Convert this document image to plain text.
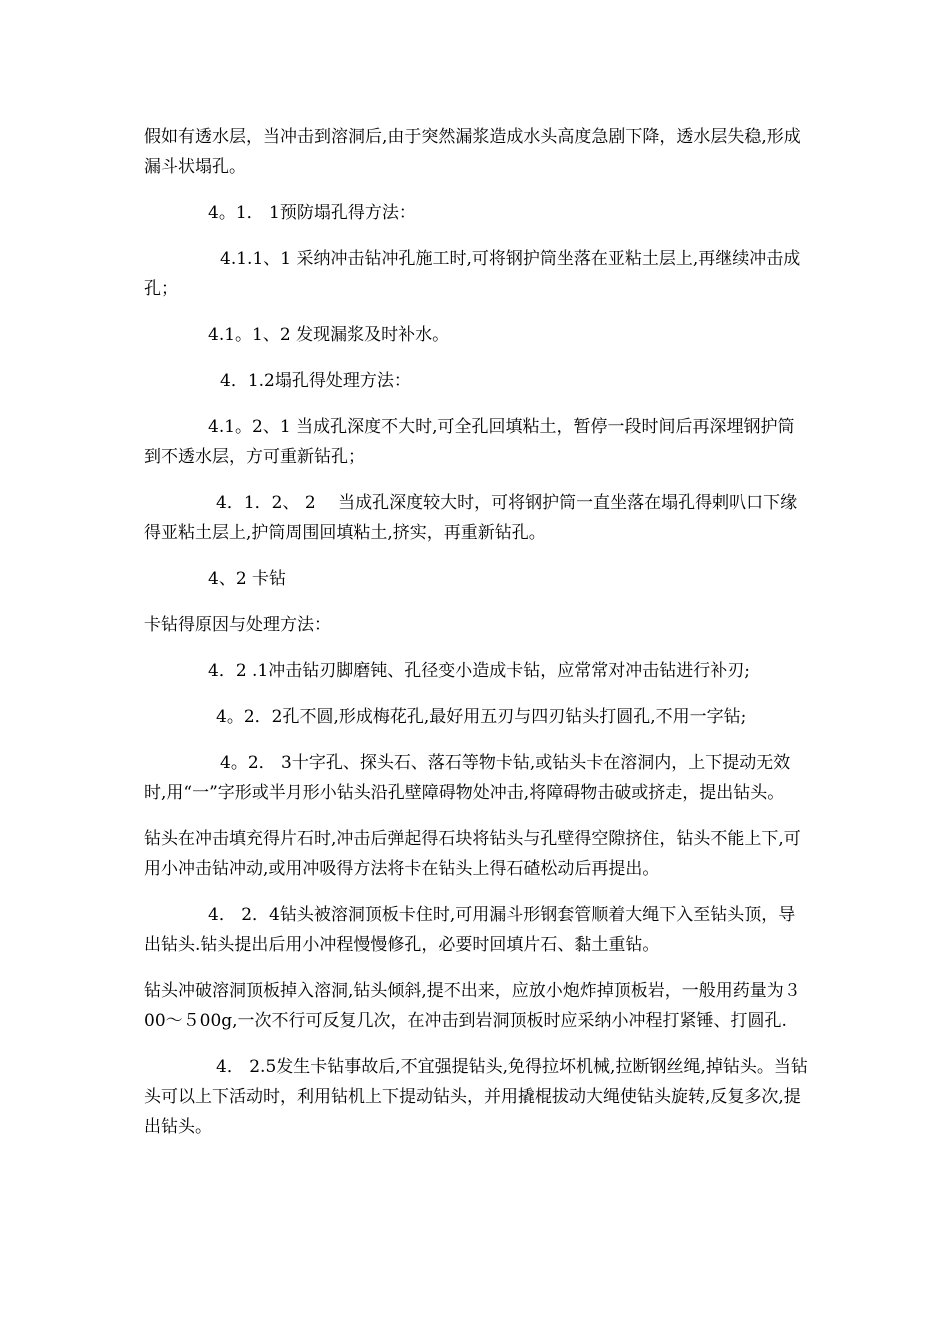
假如有透水层，当冲击到溶洞后,由于突然漏浆造成水头高度急剧下降，透水层失稳,形成漏斗状塌孔。

4。1． 1预防塌孔得方法：

4.1.1、1 采纳冲击钻冲孔施工时,可将钢护筒坐落在亚粘土层上,再继续冲击成孔；

4.1。1、2 发现漏浆及时补水。

4．1.2塌孔得处理方法：

4.1。2、1 当成孔深度不大时,可全孔回填粘土，暂停一段时间后再深埋钢护筒到不透水层，方可重新钻孔；

4．1．2、 2　 当成孔深度较大时，可将钢护筒一直坐落在塌孔得剌叭口下缘得亚粘土层上,护筒周围回填粘土,挤实，再重新钻孔。

4、2 卡钻

卡钻得原因与处理方法：

4．2 .1冲击钻刃脚磨钝、孔径变小造成卡钻，应常常对冲击钻进行补刃;

4。2．2孔不圆,形成梅花孔,最好用五刃与四刃钻头打圆孔,不用一字钻;

4。2． 3十字孔、探头石、落石等物卡钻,或钻头卡在溶洞内，上下提动无效时,用“一”字形或半月形小钻头沿孔壁障碍物处冲击,将障碍物击破或挤走，提出钻头。

钻头在冲击填充得片石时,冲击后弹起得石块将钻头与孔壁得空隙挤住，钻头不能上下,可用小冲击钻冲动,或用冲吸得方法将卡在钻头上得石碴松动后再提出。

4． 2．4钻头被溶洞顶板卡住时,可用漏斗形钢套管顺着大绳下入至钻头顶，导出钻头.钻头提出后用小冲程慢慢修孔，必要时回填片石、黏土重钻。

钻头冲破溶洞顶板掉入溶洞,钻头倾斜,提不出来，应放小炮炸掉顶板岩，一般用药量为３00～５00g,一次不行可反复几次，在冲击到岩洞顶板时应采纳小冲程打紧锤、打圆孔.

4． 2.5发生卡钻事故后,不宜强提钻头,免得拉坏机械,拉断钢丝绳,掉钻头。当钻头可以上下活动时，利用钻机上下提动钻头，并用撬棍拔动大绳使钻头旋转,反复多次,提出钻头。
